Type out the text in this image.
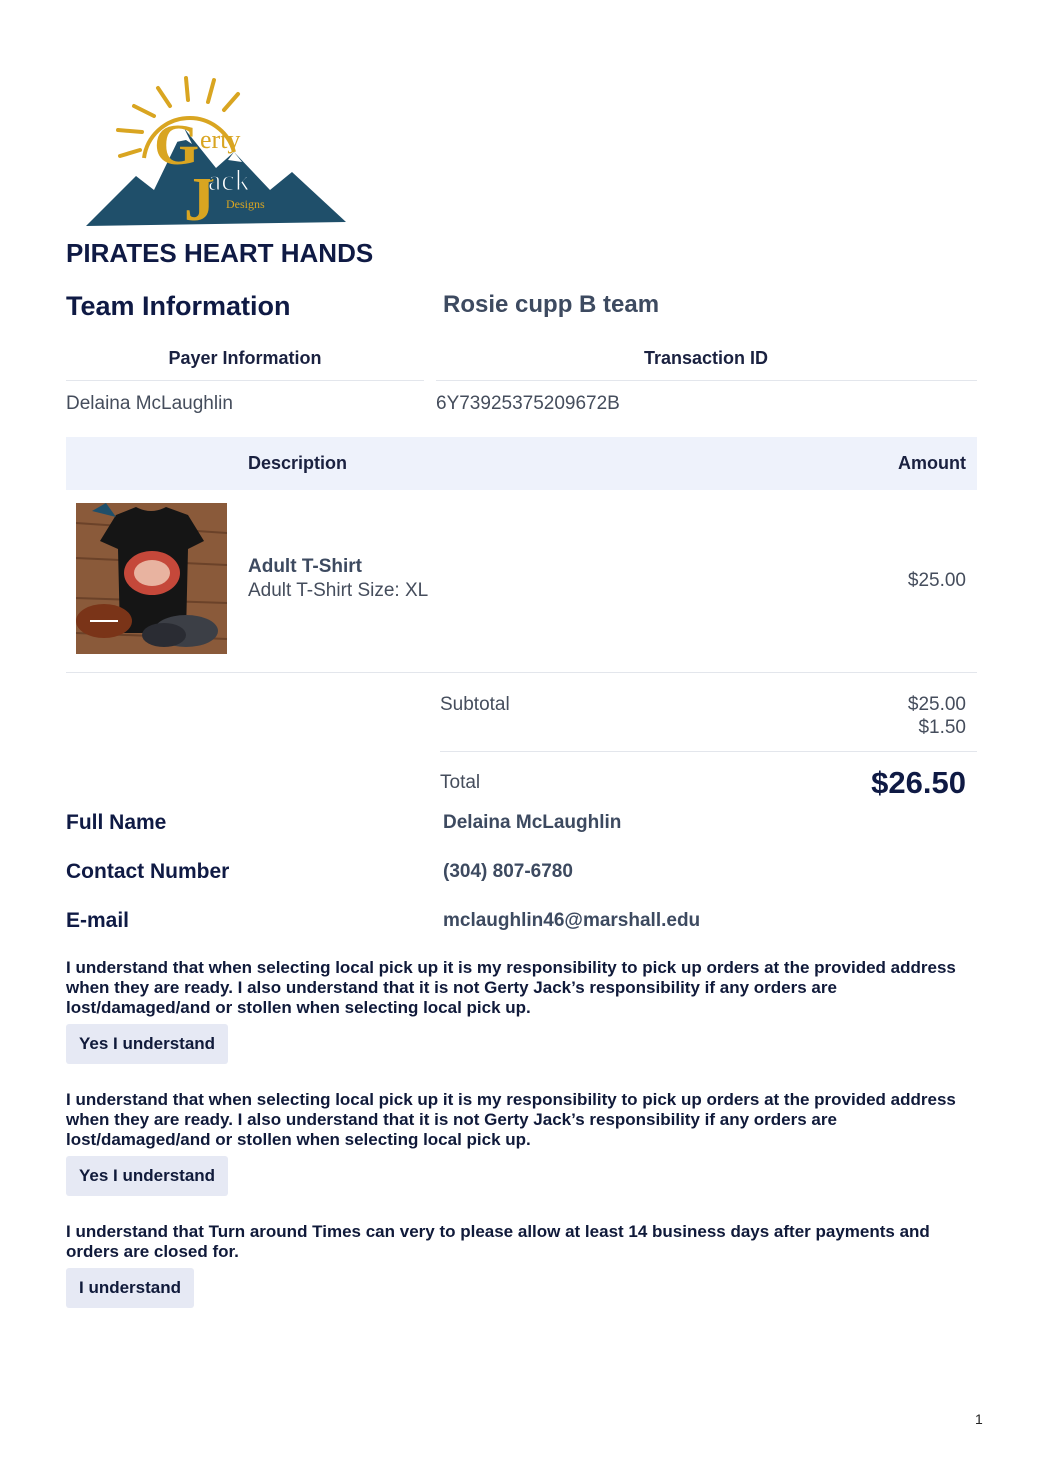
G erty
J
ack
Designs
PIRATES HEART HANDS
Team Information	Rosie cupp B team
Payer Information	Transaction ID
Delaina McLaughlin	6Y73925375209672B
Description	Amount
Adult T-Shirt
Adult T-Shirt Size: XL	$25.00
Subtotal	$25.00
$1.50
Total	$26.50
Full Name	Delaina McLaughlin
Contact Number	(304) 807-6780
E-mail	mclaughlin46@marshall.edu
I understand that when selecting local pick up it is my responsibility to pick up orders at the provided address when they are ready. I also understand that it is not Gerty Jack’s responsibility if any orders are lost/damaged/and or stollen when selecting local pick up.
Yes I understand
I understand that when selecting local pick up it is my responsibility to pick up orders at the provided address when they are ready. I also understand that it is not Gerty Jack’s responsibility if any orders are lost/damaged/and or stollen when selecting local pick up.
Yes I understand
I understand that Turn around Times can very to please allow at least 14 business days after payments and orders are closed for.
I understand
1
